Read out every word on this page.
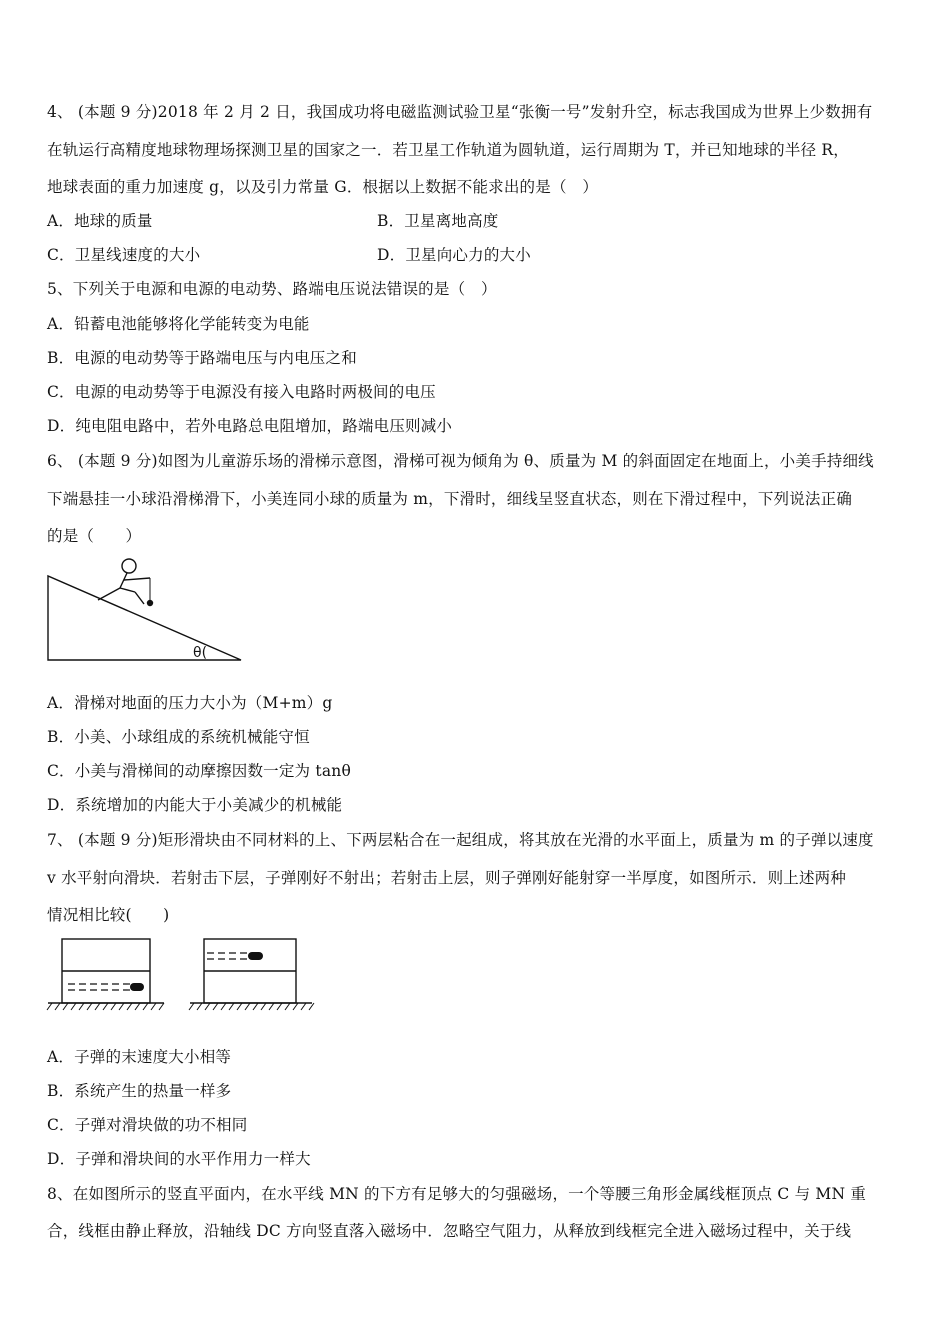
4、 (本题 9 分)2018 年 2 月 2 日，我国成功将电磁监测试验卫星“张衡一号”发射升空，标志我国成为世界上少数拥有
在轨运行高精度地球物理场探测卫星的国家之一．若卫星工作轨道为圆轨道，运行周期为 T，并已知地球的半径 R，
地球表面的重力加速度 g，以及引力常量 G．根据以上数据不能求出的是（　）
A．地球的质量	B．卫星离地高度
C．卫星线速度的大小	D．卫星向心力的大小
5、下列关于电源和电源的电动势、路端电压说法错误的是（　）
A．铅蓄电池能够将化学能转变为电能
B．电源的电动势等于路端电压与内电压之和
C．电源的电动势等于电源没有接入电路时两极间的电压
D．纯电阻电路中，若外电路总电阻增加，路端电压则减小
6、 (本题 9 分)如图为儿童游乐场的滑梯示意图，滑梯可视为倾角为 θ、质量为 M 的斜面固定在地面上，小美手持细线
下端悬挂一小球沿滑梯滑下，小美连同小球的质量为 m，下滑时，细线呈竖直状态，则在下滑过程中，下列说法正确
的是（　　）
θ(
A．滑梯对地面的压力大小为（M+m）g
B．小美、小球组成的系统机械能守恒
C．小美与滑梯间的动摩擦因数一定为 tanθ
D．系统增加的内能大于小美减少的机械能
7、 (本题 9 分)矩形滑块由不同材料的上、下两层粘合在一起组成，将其放在光滑的水平面上，质量为 m 的子弹以速度
v 水平射向滑块．若射击下层，子弹刚好不射出；若射击上层，则子弹刚好能射穿一半厚度，如图所示．则上述两种
情况相比较(　　)
A．子弹的末速度大小相等
B．系统产生的热量一样多
C．子弹对滑块做的功不相同
D．子弹和滑块间的水平作用力一样大
8、在如图所示的竖直平面内，在水平线 MN 的下方有足够大的匀强磁场，一个等腰三角形金属线框顶点 C 与 MN 重
合，线框由静止释放，沿轴线 DC 方向竖直落入磁场中．忽略空气阻力，从释放到线框完全进入磁场过程中，关于线
